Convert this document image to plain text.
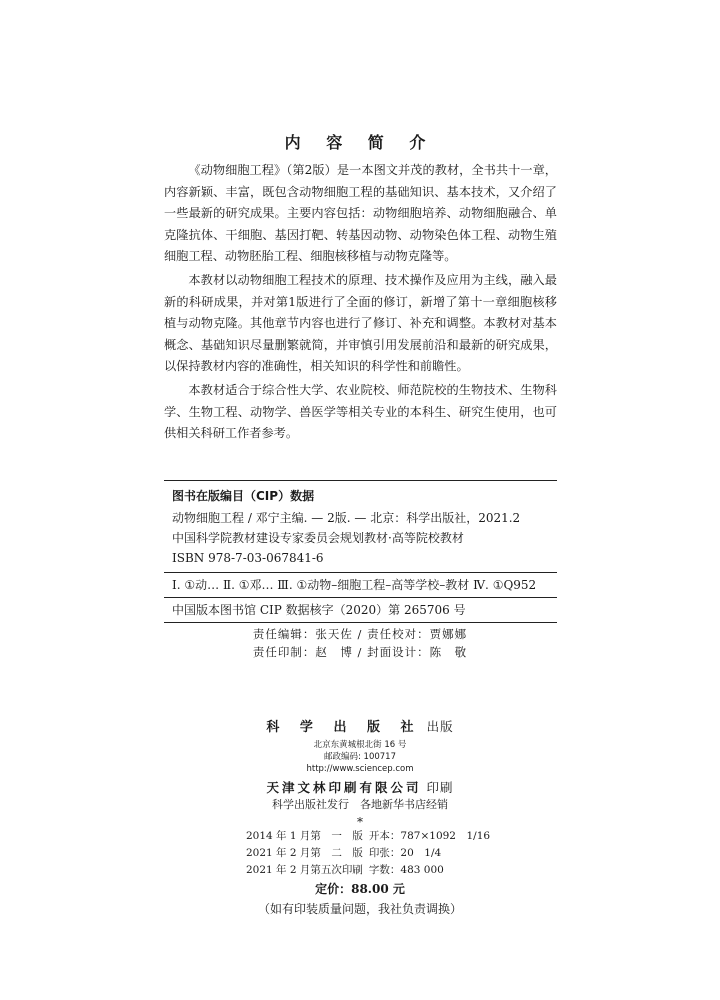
内 容 简 介

《动物细胞工程》（第2版）是一本图文并茂的教材，全书共十一章，内容新颖、丰富，既包含动物细胞工程的基础知识、基本技术，又介绍了一些最新的研究成果。主要内容包括：动物细胞培养、动物细胞融合、单克隆抗体、干细胞、基因打靶、转基因动物、动物染色体工程、动物生殖细胞工程、动物胚胎工程、细胞核移植与动物克隆等。

本教材以动物细胞工程技术的原理、技术操作及应用为主线，融入最新的科研成果，并对第1版进行了全面的修订，新增了第十一章细胞核移植与动物克隆。其他章节内容也进行了修订、补充和调整。本教材对基本概念、基础知识尽量删繁就简，并审慎引用发展前沿和最新的研究成果，以保持教材内容的准确性，相关知识的科学性和前瞻性。

本教材适合于综合性大学、农业院校、师范院校的生物技术、生物科学、生物工程、动物学、兽医学等相关专业的本科生、研究生使用，也可供相关科研工作者参考。

图书在版编目（CIP）数据
动物细胞工程 / 邓宁主编. — 2版. — 北京：科学出版社，2021.2
中国科学院教材建设专家委员会规划教材·高等院校教材
ISBN 978-7-03-067841-6
Ⅰ. ①动… Ⅱ. ①邓… Ⅲ. ①动物–细胞工程–高等学校–教材 Ⅳ. ①Q952
中国版本图书馆 CIP 数据核字（2020）第 265706 号
责任编辑：张天佐 / 责任校对：贾娜娜
责任印制：赵　博 / 封面设计：陈　敬
科 学 出 版 社 出版
北京东黄城根北街 16 号
邮政编码: 100717
http://www.sciencep.com
天津文林印刷有限公司 印刷
科学出版社发行　各地新华书店经销
*
2014 年 1 月第　一　版	开本：787×1092　1/16
2021 年 2 月第　二　版	印张：20　1/4
2021 年 2 月第五次印刷	字数：483 000
定价：88.00 元
（如有印装质量问题，我社负责调换）
